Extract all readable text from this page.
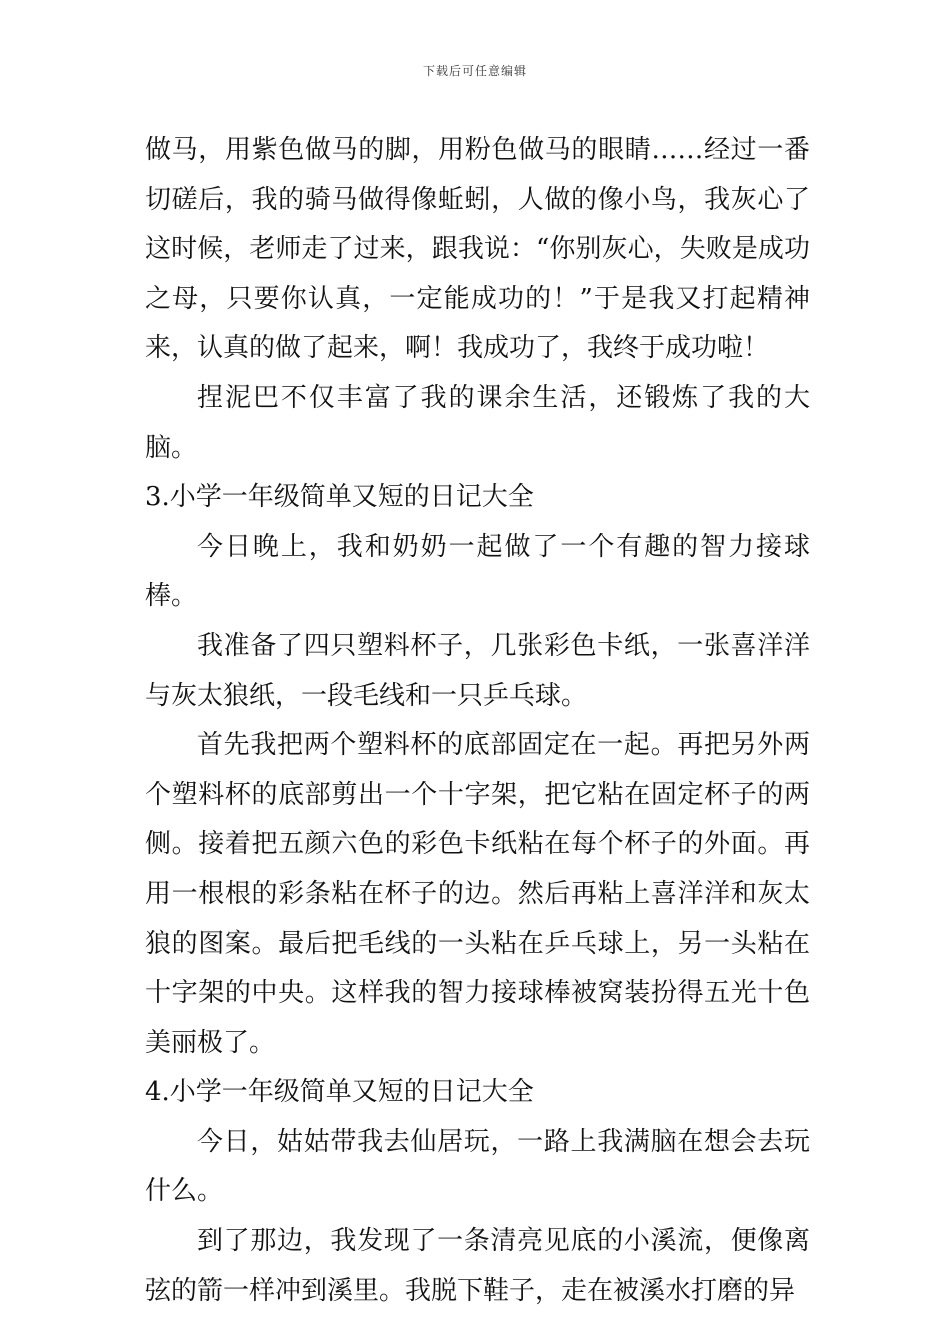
下载后可任意编辑

做马，用紫色做马的脚，用粉色做马的眼睛……经过一番切磋后，我的骑马做得像蚯蚓，人做的像小鸟，我灰心了这时候，老师走了过来，跟我说：“你别灰心，失败是成功之母，只要你认真，一定能成功的！”于是我又打起精神来，认真的做了起来，啊！我成功了，我终于成功啦！

捏泥巴不仅丰富了我的课余生活，还锻炼了我的大脑。

3.小学一年级简单又短的日记大全

今日晚上，我和奶奶一起做了一个有趣的智力接球棒。

我准备了四只塑料杯子，几张彩色卡纸，一张喜洋洋与灰太狼纸，一段毛线和一只乒乓球。

首先我把两个塑料杯的底部固定在一起。再把另外两个塑料杯的底部剪出一个十字架，把它粘在固定杯子的两侧。接着把五颜六色的彩色卡纸粘在每个杯子的外面。再用一根根的彩条粘在杯子的边。然后再粘上喜洋洋和灰太狼的图案。最后把毛线的一头粘在乒乓球上，另一头粘在十字架的中央。这样我的智力接球棒被窝装扮得五光十色美丽极了。

4.小学一年级简单又短的日记大全

今日，姑姑带我去仙居玩，一路上我满脑在想会去玩什么。

到了那边，我发现了一条清亮见底的小溪流，便像离弦的箭一样冲到溪里。我脱下鞋子，走在被溪水打磨的异
